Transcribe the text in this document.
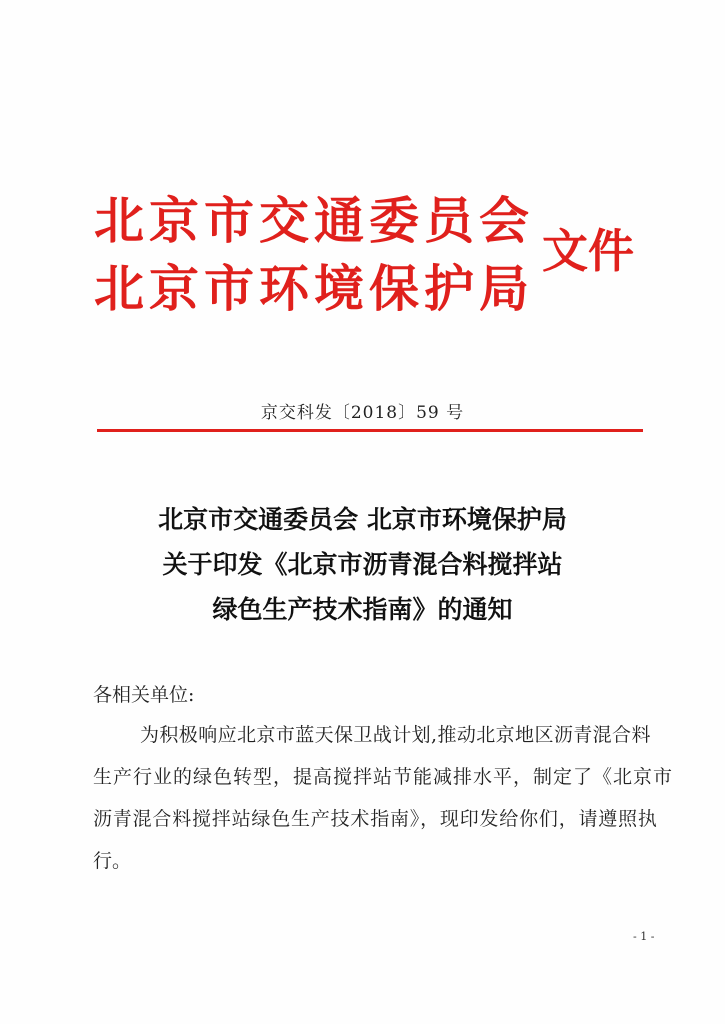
北京市交通委员会
北京市环境保护局
文件
京交科发〔2018〕59 号
北京市交通委员会 北京市环境保护局
关于印发《北京市沥青混合料搅拌站
绿色生产技术指南》的通知
各相关单位:
为积极响应北京市蓝天保卫战计划,推动北京地区沥青混合料
生产行业的绿色转型，提高搅拌站节能减排水平，制定了《北京市
沥青混合料搅拌站绿色生产技术指南》，现印发给你们，请遵照执
行。
- 1 -
